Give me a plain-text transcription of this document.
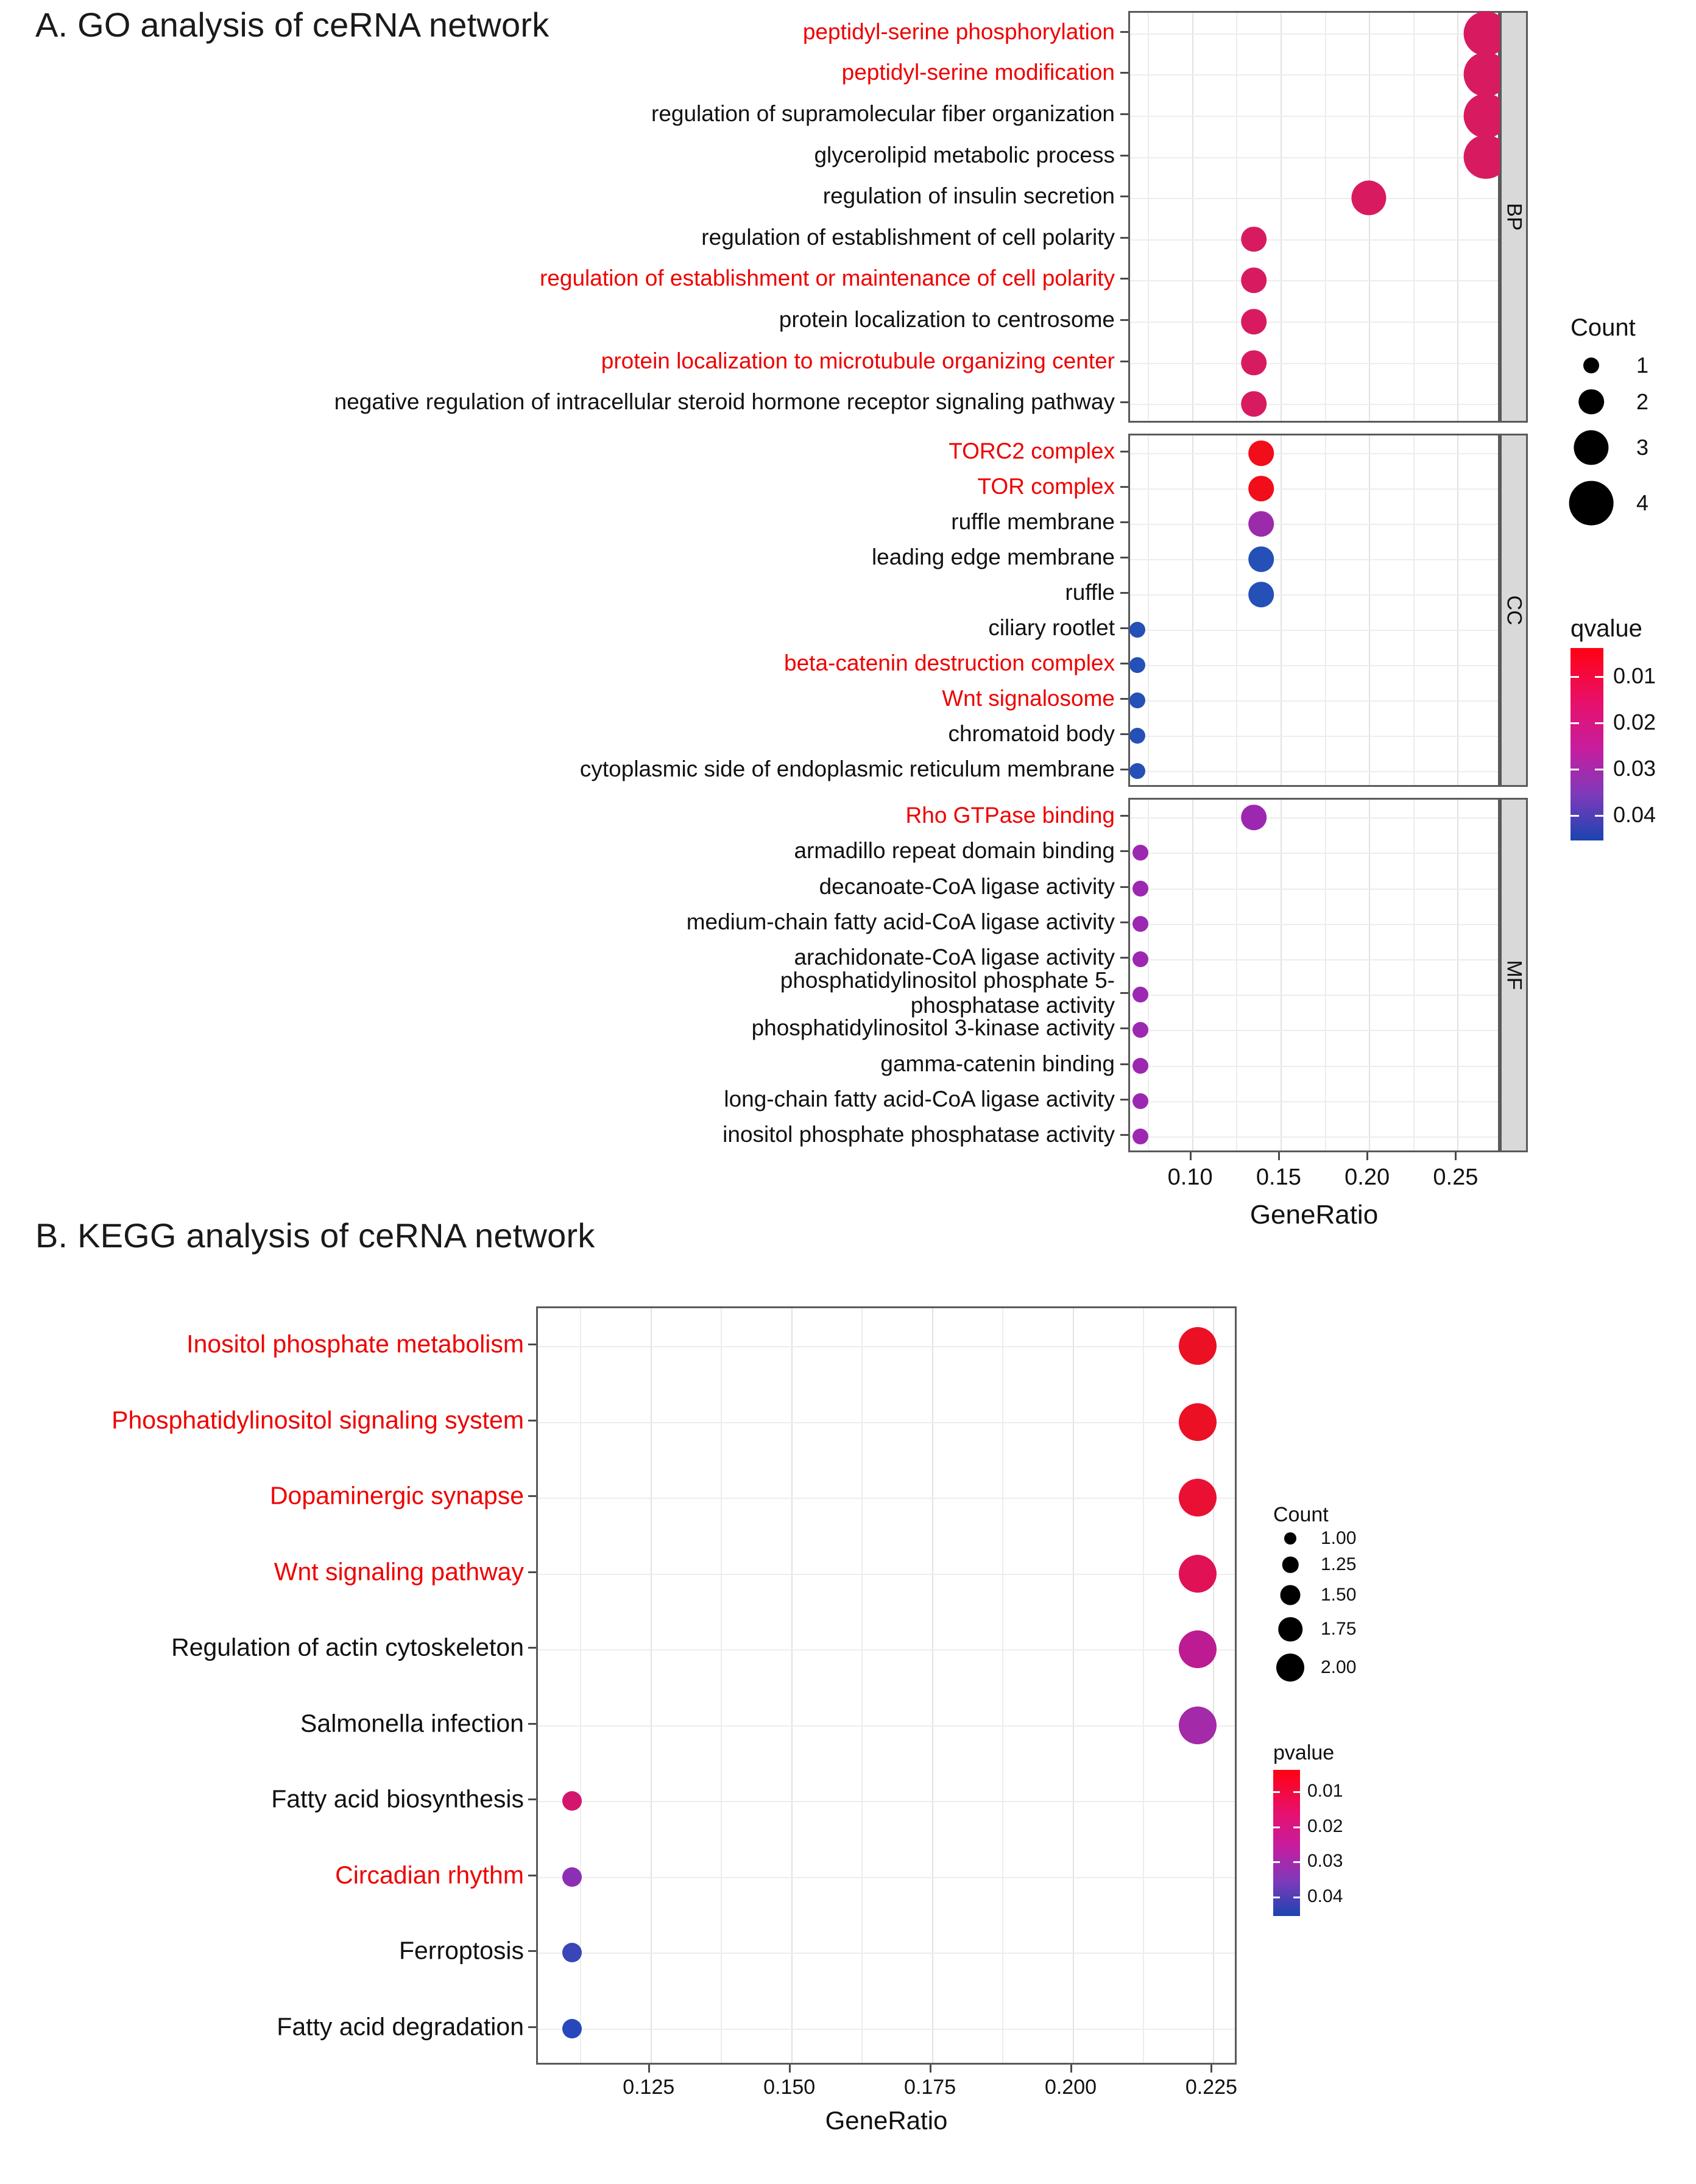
A. GO analysis of ceRNA network
BP
peptidyl-serine phosphorylation
peptidyl-serine modification
regulation of supramolecular fiber organization
glycerolipid metabolic process
regulation of insulin secretion
regulation of establishment of cell polarity
regulation of establishment or maintenance of cell polarity
protein localization to centrosome
protein localization to microtubule organizing center
negative regulation of intracellular steroid hormone receptor signaling pathway
CC
TORC2 complex
TOR complex
ruffle membrane
leading edge membrane
ruffle
ciliary rootlet
beta-catenin destruction complex
Wnt signalosome
chromatoid body
cytoplasmic side of endoplasmic reticulum membrane
MF
Rho GTPase binding
armadillo repeat domain binding
decanoate-CoA ligase activity
medium-chain fatty acid-CoA ligase activity
arachidonate-CoA ligase activity
phosphatidylinositol phosphate 5-phosphatase activity
phosphatidylinositol 3-kinase activity
gamma-catenin binding
long-chain fatty acid-CoA ligase activity
inositol phosphate phosphatase activity
0.10 0.15 0.20 0.25
GeneRatio
Count
1
2
3
4
qvalue
0.01
0.02
0.03
0.04
B. KEGG analysis of ceRNA network
Inositol phosphate metabolism
Phosphatidylinositol signaling system
Dopaminergic synapse
Wnt signaling pathway
Regulation of actin cytoskeleton
Salmonella infection
Fatty acid biosynthesis
Circadian rhythm
Ferroptosis
Fatty acid degradation
0.125	0.150	0.175	0.200	0.225
GeneRatio
Count
1.00
1.25
1.50
1.75
2.00
pvalue
0.01
0.02
0.03
0.04
